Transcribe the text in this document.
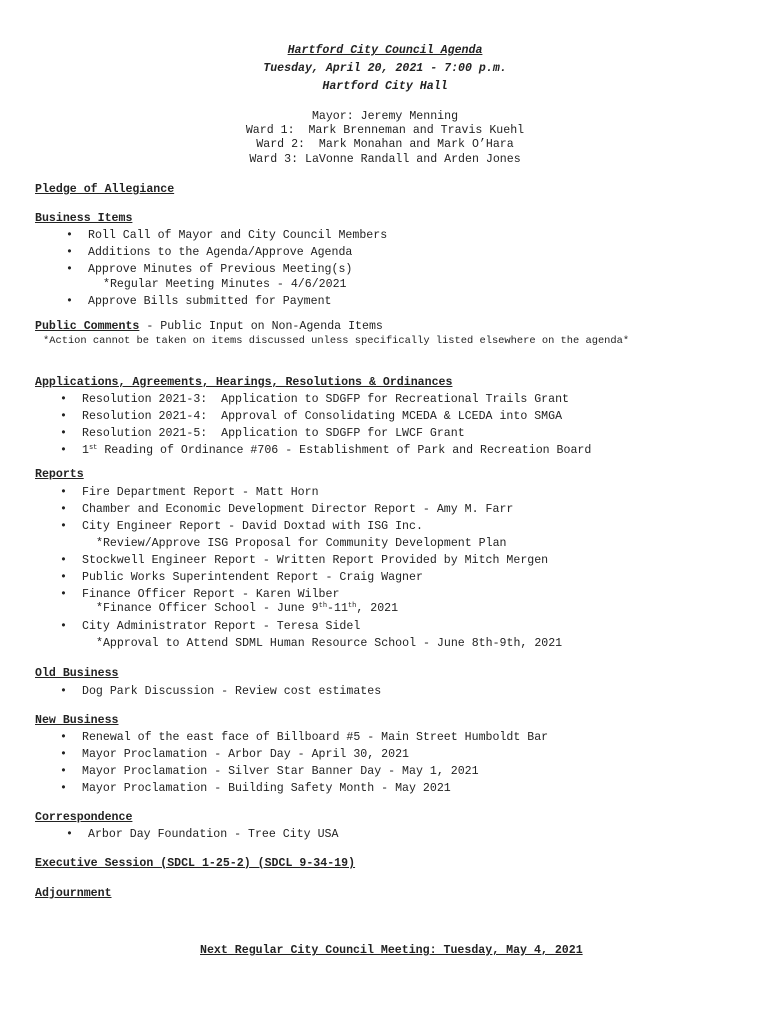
Hartford City Council Agenda
Tuesday, April 20, 2021 - 7:00 p.m.
Hartford City Hall
Mayor: Jeremy Menning
Ward 1:  Mark Brenneman and Travis Kuehl
Ward 2:  Mark Monahan and Mark O’Hara
Ward 3: LaVonne Randall and Arden Jones
Pledge of Allegiance
Business Items
• Roll Call of Mayor and City Council Members
• Additions to the Agenda/Approve Agenda
• Approve Minutes of Previous Meeting(s)
*Regular Meeting Minutes - 4/6/2021
• Approve Bills submitted for Payment
Public Comments - Public Input on Non-Agenda Items
*Action cannot be taken on items discussed unless specifically listed elsewhere on the agenda*
Applications, Agreements, Hearings, Resolutions & Ordinances
• Resolution 2021-3:  Application to SDGFP for Recreational Trails Grant
• Resolution 2021-4:  Approval of Consolidating MCEDA & LCEDA into SMGA
• Resolution 2021-5:  Application to SDGFP for LWCF Grant
• 1st Reading of Ordinance #706 - Establishment of Park and Recreation Board
Reports
• Fire Department Report - Matt Horn
• Chamber and Economic Development Director Report - Amy M. Farr
• City Engineer Report - David Doxtad with ISG Inc.
*Review/Approve ISG Proposal for Community Development Plan
• Stockwell Engineer Report - Written Report Provided by Mitch Mergen
• Public Works Superintendent Report - Craig Wagner
• Finance Officer Report - Karen Wilber
*Finance Officer School - June 9th-11th, 2021
• City Administrator Report - Teresa Sidel
*Approval to Attend SDML Human Resource School - June 8th-9th, 2021
Old Business
• Dog Park Discussion - Review cost estimates
New Business
• Renewal of the east face of Billboard #5 - Main Street Humboldt Bar
• Mayor Proclamation - Arbor Day - April 30, 2021
• Mayor Proclamation - Silver Star Banner Day - May 1, 2021
• Mayor Proclamation - Building Safety Month - May 2021
Correspondence
• Arbor Day Foundation - Tree City USA
Executive Session (SDCL 1-25-2) (SDCL 9-34-19)
Adjournment
Next Regular City Council Meeting: Tuesday, May 4, 2021
